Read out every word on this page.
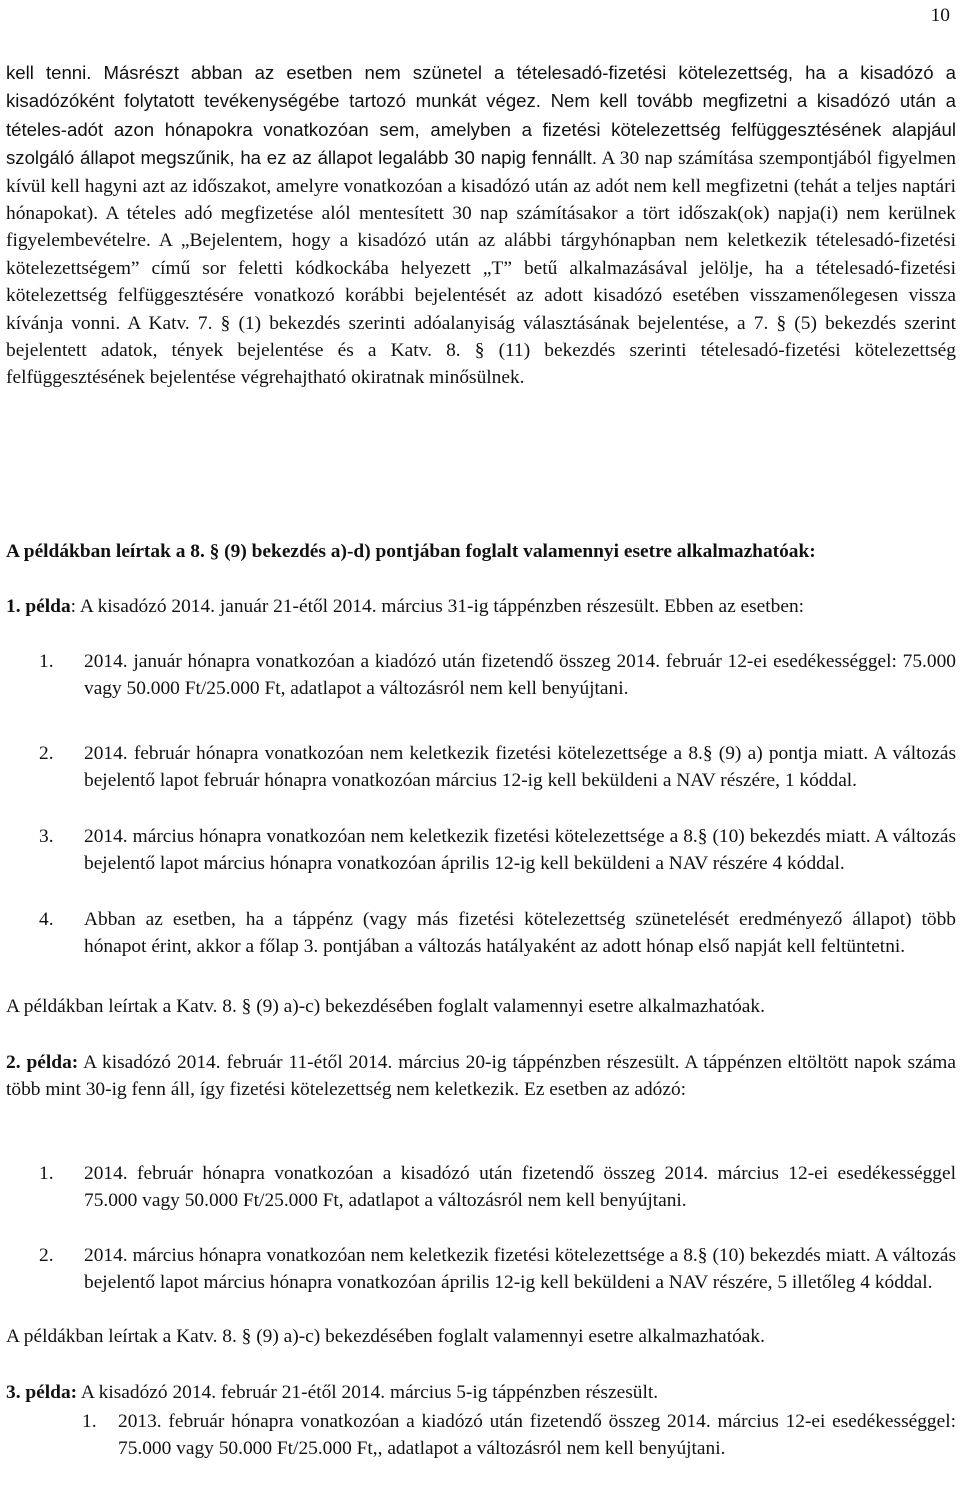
10
kell tenni. Másrészt abban az esetben nem szünetel a tételesadó-fizetési kötelezettség, ha a kisadózó a kisadózóként folytatott tevékenységébe tartozó munkát végez. Nem kell tovább megfizetni a kisadózó után a tételes-adót azon hónapokra vonatkozóan sem, amelyben a fizetési kötelezettség felfüggesztésének alapjául szolgáló állapot megszűnik, ha ez az állapot legalább 30 napig fennállt. A 30 nap számítása szempontjából figyelmen kívül kell hagyni azt az időszakot, amelyre vonatkozóan a kisadózó után az adót nem kell megfizetni (tehát a teljes naptári hónapokat). A tételes adó megfizetése alól mentesített 30 nap számításakor a tört időszak(ok) napja(i) nem kerülnek figyelembevételre. A „Bejelentem, hogy a kisadózó után az alábbi tárgyhónapban nem keletkezik tételesadó-fizetési kötelezettségem” című sor feletti kódkockába helyezett „T” betű alkalmazásával jelölje, ha a tételesadó-fizetési kötelezettség felfüggesztésére vonatkozó korábbi bejelentését az adott kisadózó esetében visszamenőlegesen vissza kívánja vonni. A Katv. 7. § (1) bekezdés szerinti adóalanyiság választásának bejelentése, a 7. § (5) bekezdés szerint bejelentett adatok, tények bejelentése és a Katv. 8. § (11) bekezdés szerinti tételesadó-fizetési kötelezettség felfüggesztésének bejelentése végrehajtható okiratnak minősülnek.
A példákban leírtak a 8. § (9) bekezdés a)-d) pontjában foglalt valamennyi esetre alkalmazhatóak:
1. példa: A kisadózó 2014. január 21-étől 2014. március 31-ig táppénzben részesült. Ebben az esetben:
1. 2014. január hónapra vonatkozóan a kiadózó után fizetendő összeg 2014. február 12-ei esedékességgel: 75.000 vagy 50.000 Ft/25.000 Ft, adatlapot a változásról nem kell benyújtani.
2. 2014. február hónapra vonatkozóan nem keletkezik fizetési kötelezettsége a 8.§ (9) a) pontja miatt. A változás bejelentő lapot február hónapra vonatkozóan március 12-ig kell beküldeni a NAV részére, 1 kóddal.
3. 2014. március hónapra vonatkozóan nem keletkezik fizetési kötelezettsége a 8.§ (10) bekezdés miatt. A változás bejelentő lapot március hónapra vonatkozóan április 12-ig kell beküldeni a NAV részére 4 kóddal.
4. Abban az esetben, ha a táppénz (vagy más fizetési kötelezettség szünetelését eredményező állapot) több hónapot érint, akkor a főlap 3. pontjában a változás hatályaként az adott hónap első napját kell feltüntetni.
A példákban leírtak a Katv. 8. § (9) a)-c) bekezdésében foglalt valamennyi esetre alkalmazhatóak.
2. példa: A kisadózó 2014. február 11-étől 2014. március 20-ig táppénzben részesült. A táppénzen eltöltött napok száma több mint 30-ig fenn áll, így fizetési kötelezettség nem keletkezik. Ez esetben az adózó:
1. 2014. február hónapra vonatkozóan a kisadózó után fizetendő összeg 2014. március 12-ei esedékességgel 75.000 vagy 50.000 Ft/25.000 Ft, adatlapot a változásról nem kell benyújtani.
2. 2014. március hónapra vonatkozóan nem keletkezik fizetési kötelezettsége a 8.§ (10) bekezdés miatt. A változás bejelentő lapot március hónapra vonatkozóan április 12-ig kell beküldeni a NAV részére, 5 illetőleg 4 kóddal.
A példákban leírtak a Katv. 8. § (9) a)-c) bekezdésében foglalt valamennyi esetre alkalmazhatóak.
3. példa: A kisadózó 2014. február 21-étől 2014. március 5-ig táppénzben részesült.
1. 2013. február hónapra vonatkozóan a kiadózó után fizetendő összeg 2014. március 12-ei esedékességgel: 75.000 vagy 50.000 Ft/25.000 Ft,, adatlapot a változásról nem kell benyújtani.
